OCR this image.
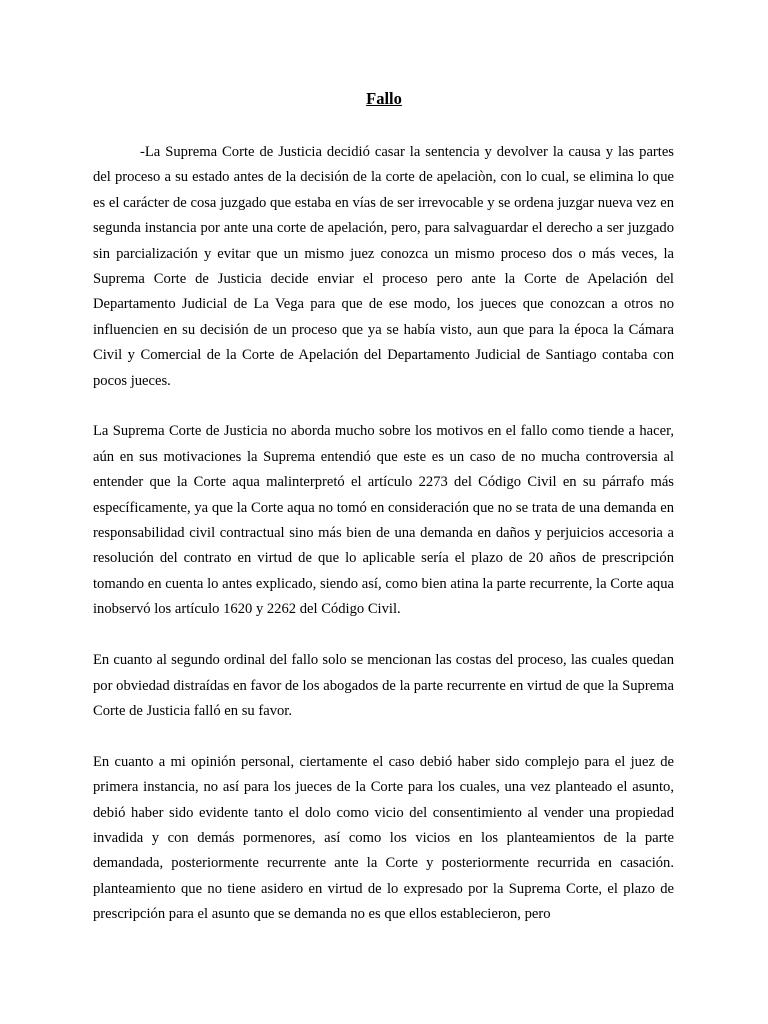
Fallo

-La Suprema Corte de Justicia decidió casar la sentencia y devolver la causa y las partes del proceso a su estado antes de la decisión de la corte de apelaciòn, con lo cual, se elimina lo que es el carácter de cosa juzgado que estaba en vías de ser irrevocable y se ordena juzgar nueva vez en segunda instancia por ante una corte de apelación, pero, para salvaguardar el derecho a ser juzgado sin parcialización y evitar que un mismo juez conozca un mismo proceso dos o más veces, la Suprema Corte de Justicia decide enviar el proceso pero ante la Corte de Apelación del Departamento Judicial de La Vega para que de ese modo, los jueces que conozcan a otros no influencien en su decisión de un proceso que ya se había visto, aun que para la época la Cámara Civil y Comercial de la Corte de Apelación del Departamento Judicial de Santiago contaba con pocos jueces.

La Suprema Corte de Justicia no aborda mucho sobre los motivos en el fallo como tiende a hacer, aún en sus motivaciones la Suprema entendió que este es un caso de no mucha controversia al entender que la Corte aqua malinterpretó el artículo 2273 del Código Civil en su párrafo más específicamente, ya que la Corte aqua no tomó en consideración que no se trata de una demanda en responsabilidad civil contractual sino más bien de una demanda en daños y perjuicios accesoria a resolución del contrato en virtud de que lo aplicable sería el plazo de 20 años de prescripción tomando en cuenta lo antes explicado, siendo así, como bien atina la parte recurrente, la Corte aqua inobservó los artículo 1620 y 2262 del Código Civil.

En cuanto al segundo ordinal del fallo solo se mencionan las costas del proceso, las cuales quedan por obviedad distraídas en favor de los abogados de la parte recurrente en virtud de que la Suprema Corte de Justicia falló en su favor.

En cuanto a mi opinión personal, ciertamente el caso debió haber sido complejo para el juez de primera instancia, no así para los jueces de la Corte para los cuales, una vez planteado el asunto, debió haber sido evidente tanto el dolo como vicio del consentimiento al vender una propiedad invadida y con demás pormenores, así como los vicios en los planteamientos de la parte demandada, posteriormente recurrente ante la Corte y posteriormente recurrida en casación. planteamiento que no tiene asidero en virtud de lo expresado por la Suprema Corte, el plazo de prescripción para el asunto que se demanda no es que ellos establecieron, pero
